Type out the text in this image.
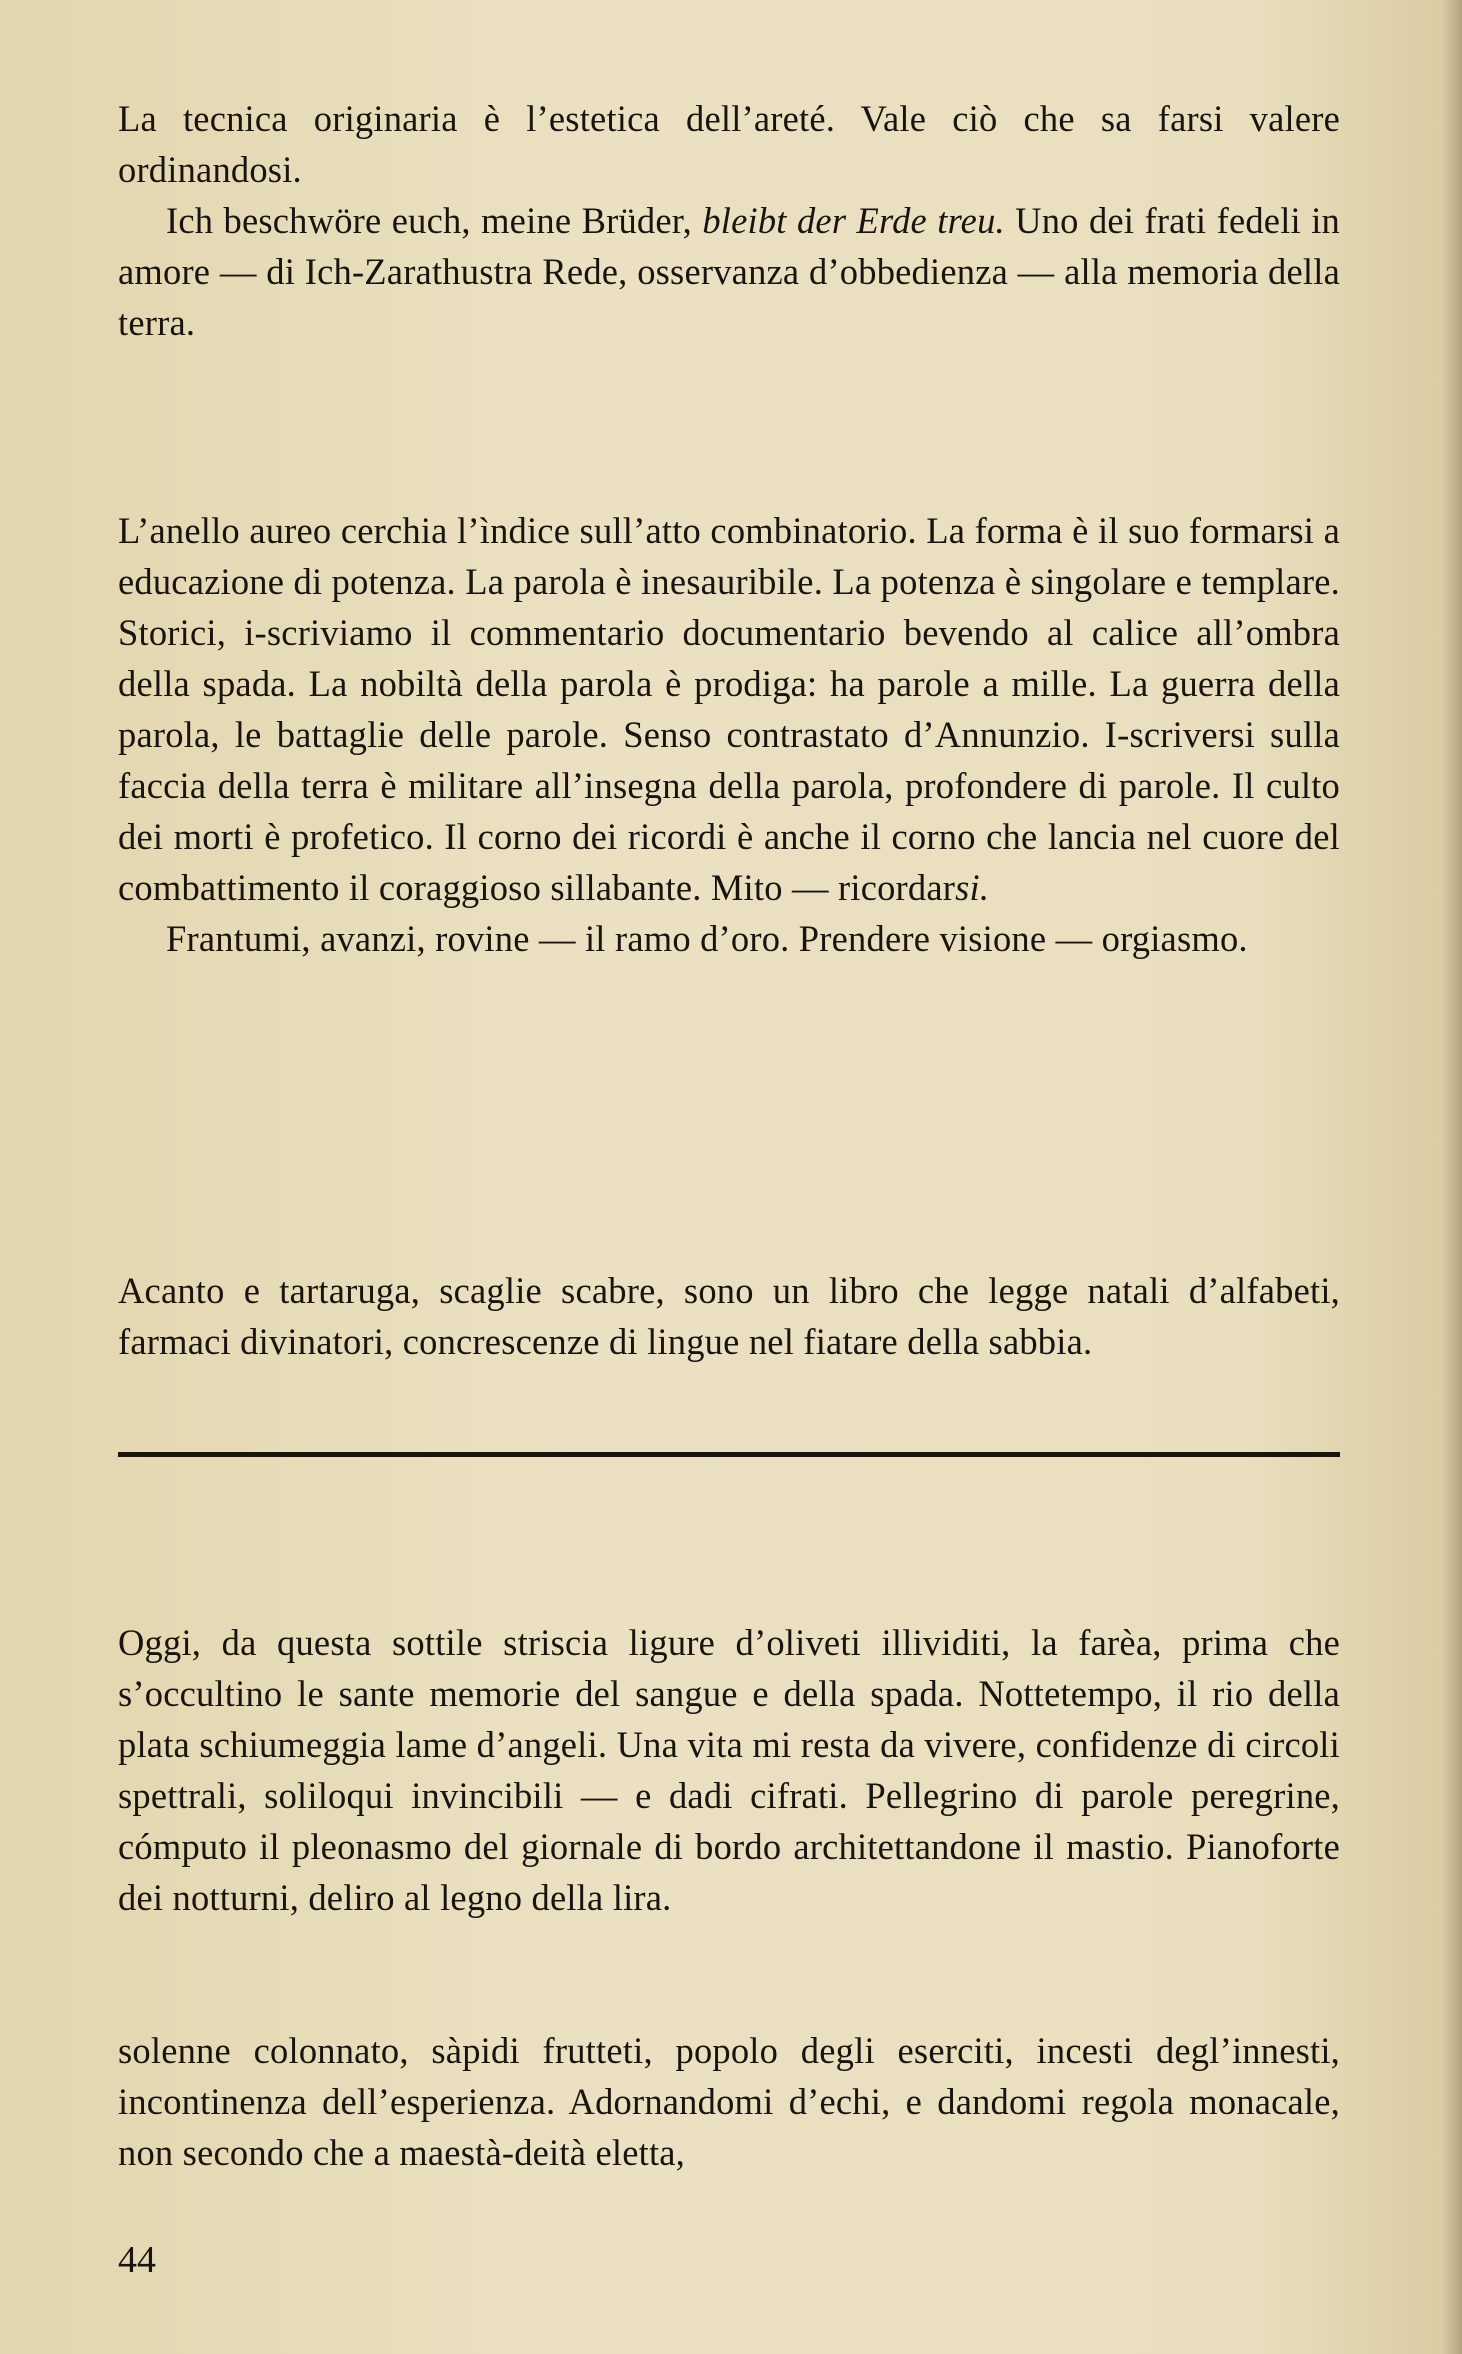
La tecnica originaria è l’estetica dell’areté. Vale ciò che sa farsi valere ordinandosi.

Ich beschwöre euch, meine Brüder, bleibt der Erde treu. Uno dei frati fedeli in amore — di Ich-Zarathustra Rede, osservanza d’obbedienza — alla memoria della terra.

L’anello aureo cerchia l’ìndice sull’atto combinatorio. La forma è il suo formarsi a educazione di potenza. La parola è inesauribile. La potenza è singolare e templare. Storici, i-scriviamo il commentario documentario bevendo al calice all’ombra della spada. La nobiltà della parola è prodiga: ha parole a mille. La guerra della parola, le battaglie delle parole. Senso contrastato d’Annunzio. I-scriversi sulla faccia della terra è militare all’insegna della parola, profondere di parole. Il culto dei morti è profetico. Il corno dei ricordi è anche il corno che lancia nel cuore del combattimento il coraggioso sillabante. Mito — ricordarsi.

Frantumi, avanzi, rovine — il ramo d’oro. Prendere visione — orgiasmo.

Acanto e tartaruga, scaglie scabre, sono un libro che legge natali d’alfabeti, farmaci divinatori, concrescenze di lingue nel fiatare della sabbia.

Oggi, da questa sottile striscia ligure d’oliveti illividiti, la farèa, prima che s’occultino le sante memorie del sangue e della spada. Nottetempo, il rio della plata schiumeggia lame d’angeli. Una vita mi resta da vivere, confidenze di circoli spettrali, soliloqui invincibili — e dadi cifrati. Pellegrino di parole peregrine, cómputo il pleonasmo del giornale di bordo architettandone il mastio. Pianoforte dei notturni, deliro al legno della lira.

solenne colonnato, sàpidi frutteti, popolo degli eserciti, incesti degl’innesti, incontinenza dell’esperienza. Adornandomi d’echi, e dandomi regola monacale, non secondo che a maestà-deità eletta,

44
